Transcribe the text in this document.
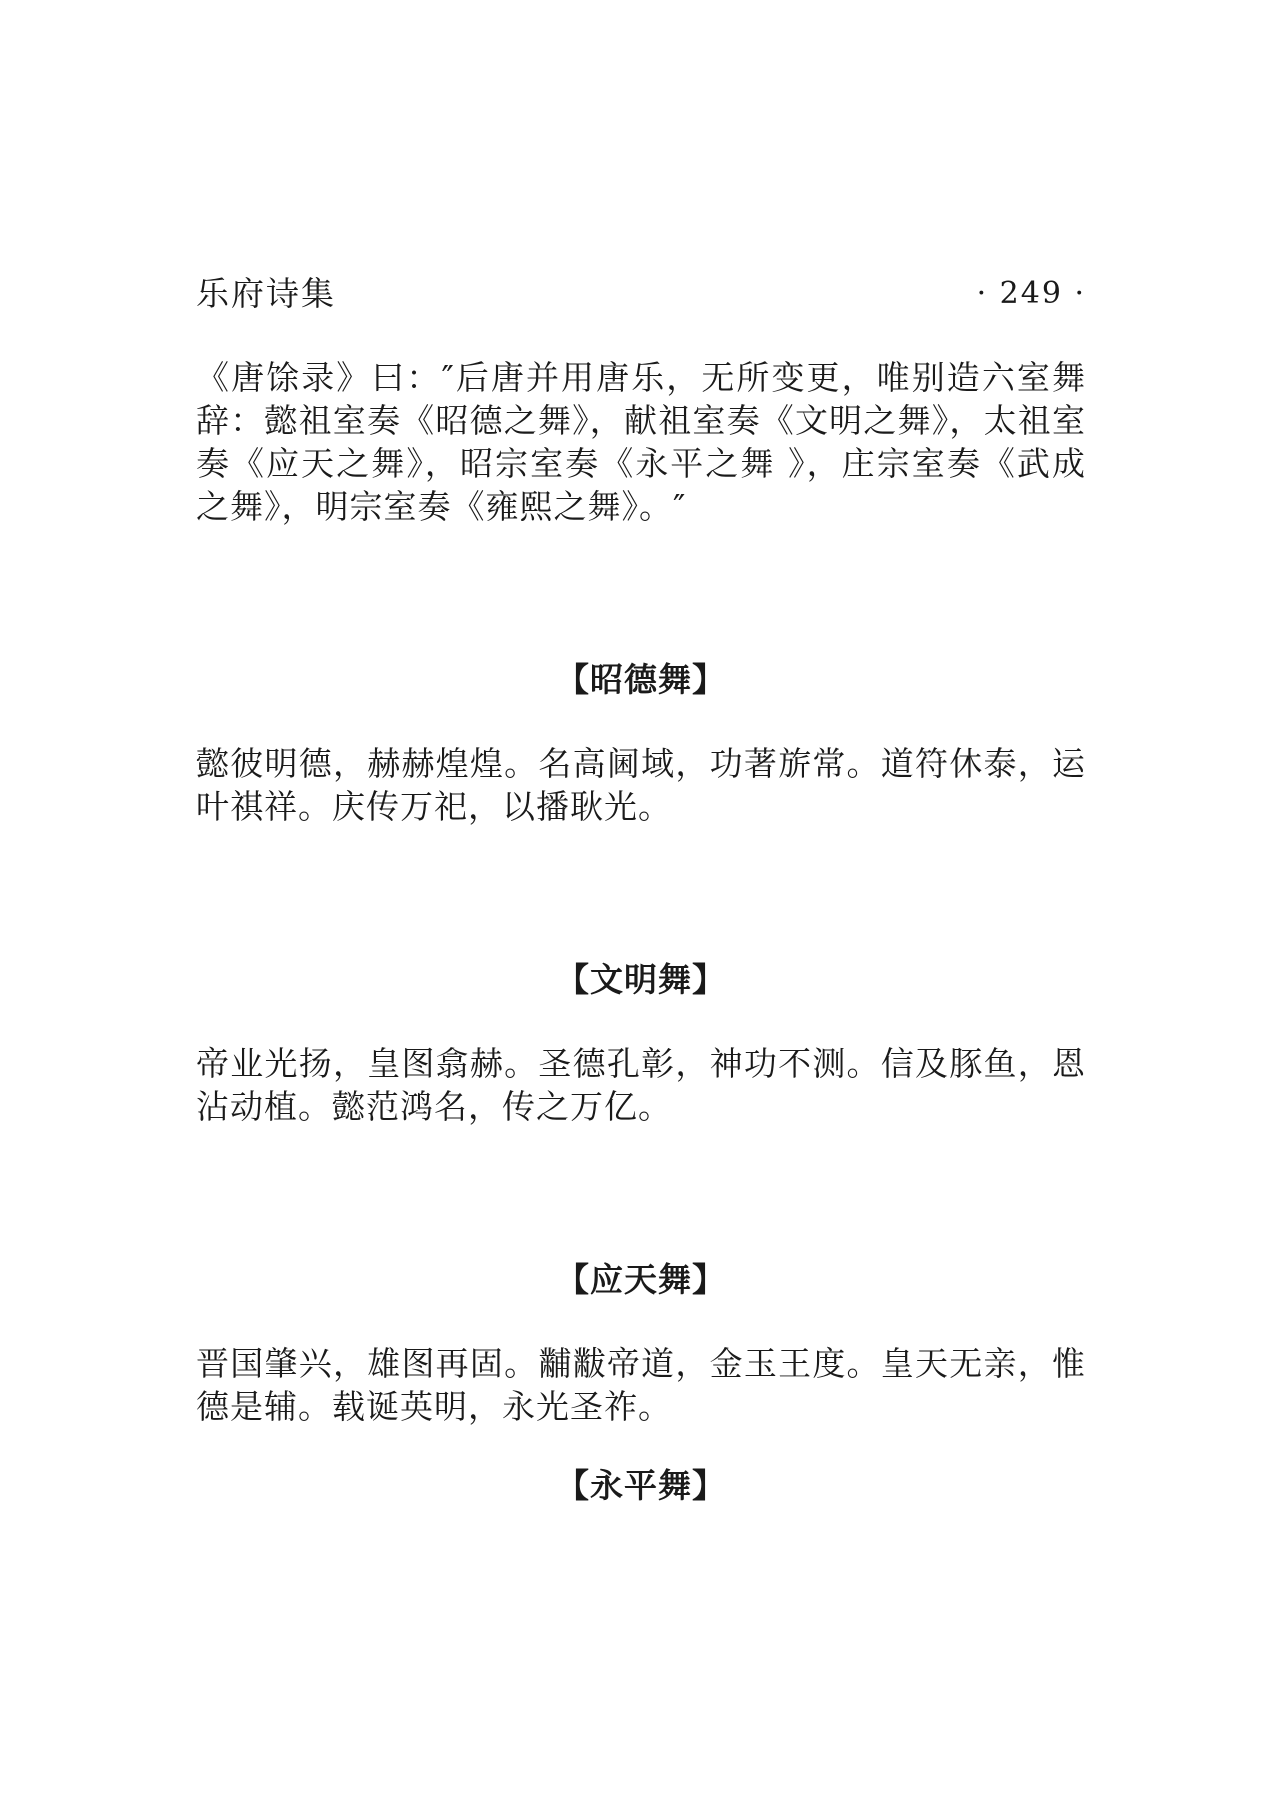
乐府诗集	· 249 ·

《唐馀录》曰：″后唐并用唐乐，无所变更，唯别造六室舞辞：懿祖室奏《昭德之舞》，献祖室奏《文明之舞》，太祖室奏《应天之舞》，昭宗室奏《永平之舞 》，庄宗室奏《武成之舞》，明宗室奏《雍熙之舞》。″

【昭德舞】

懿彼明德，赫赫煌煌。名高阃域，功著旂常。道符休泰，运叶祺祥。庆传万祀，以播耿光。

【文明舞】

帝业光扬，皇图翕赫。圣德孔彰，神功不测。信及豚鱼，恩沾动植。懿范鸿名，传之万亿。

【应天舞】

晋国肇兴，雄图再固。黼黻帝道，金玉王度。皇天无亲，惟德是辅。载诞英明，永光圣祚。

【永平舞】
